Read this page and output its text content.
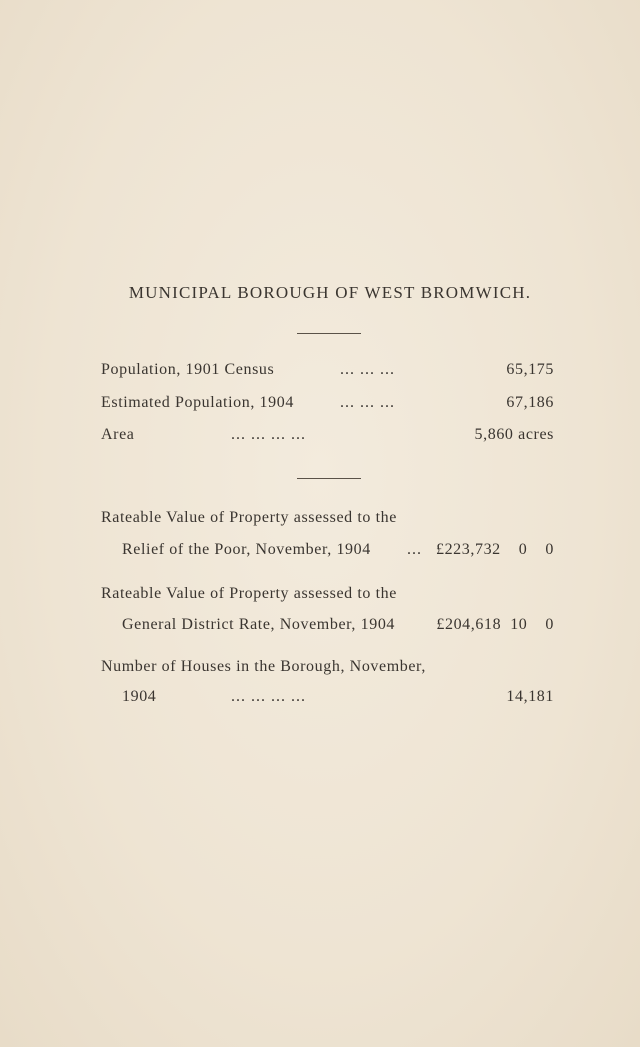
MUNICIPAL BOROUGH OF WEST BROMWICH.
Population, 1901 Census	... ... ...	65,175
Estimated Population, 1904	... ... ...	67,186
Area	... ... ... ...	5,860 acres
Rateable Value of Property assessed to the
Relief of the Poor, November, 1904 ... £223,732 0 0
Rateable Value of Property assessed to the
General District Rate, November, 1904	£204,618 10 0
Number of Houses in the Borough, November,
1904	... ... ... ...	14,181
